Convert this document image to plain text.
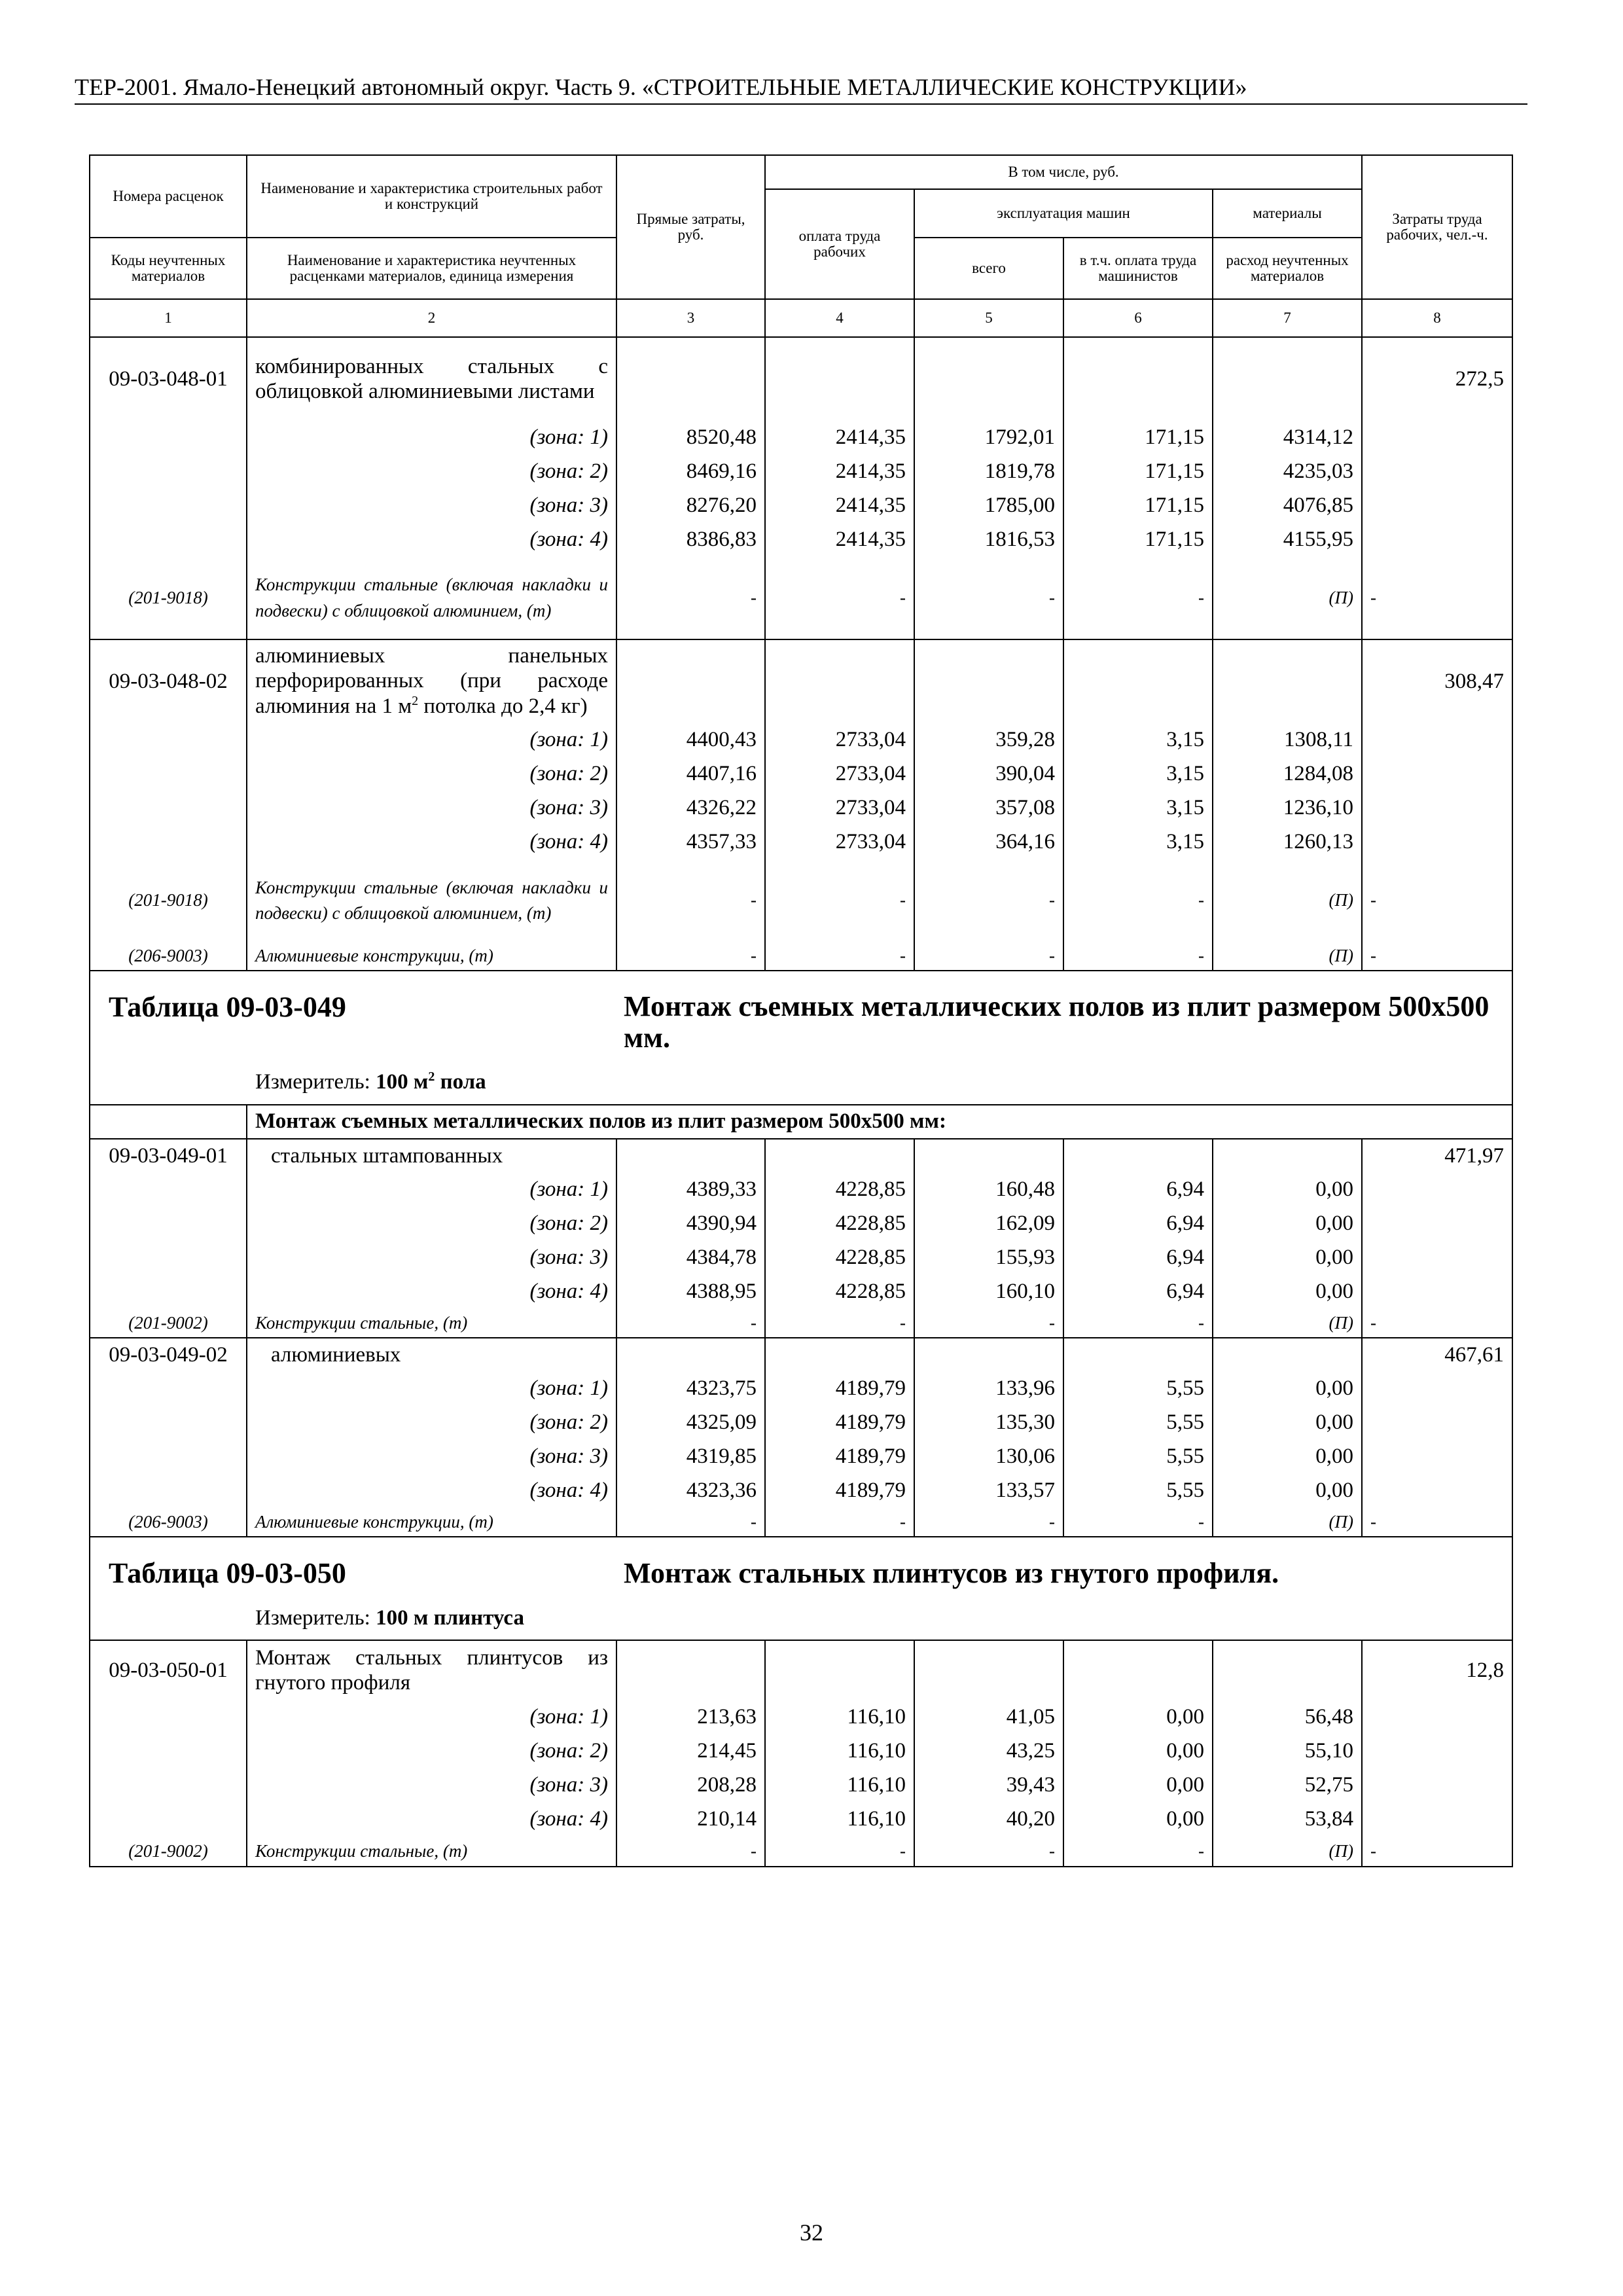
ТЕР-2001. Ямало-Ненецкий автономный округ. Часть 9. «СТРОИТЕЛЬНЫЕ МЕТАЛЛИЧЕСКИЕ КОНСТРУКЦИИ»
Номера расценок	Наименование и характеристика строительных работ и конструкций	Прямые затраты, руб.	В том числе, руб.				Затраты труда рабочих, чел.-ч.
			оплата труда рабочих	эксплуатация машин		материалы	
Коды неучтенных материалов	Наименование и характеристика неучтенных расценками материалов, единица измерения			всего	в т.ч. оплата труда машинистов	расход неучтенных материалов	
1	2	3	4	5	6	7	8
09-03-048-01	комбинированных стальных с облицовкой алюминиевыми листами						272,5
	(зона: 1)	8520,48	2414,35	1792,01	171,15	4314,12	
	(зона: 2)	8469,16	2414,35	1819,78	171,15	4235,03	
	(зона: 3)	8276,20	2414,35	1785,00	171,15	4076,85	
	(зона: 4)	8386,83	2414,35	1816,53	171,15	4155,95	
(201-9018)	Конструкции стальные (включая накладки и подвески) с облицовкой алюминием, (т)	-	-	-	-	(П)	-
09-03-048-02	алюминиевых панельных перфорированных (при расходе алюминия на 1 $м^2$ потолка до 2,4 кг)						308,47
	(зона: 1)	4400,43	2733,04	359,28	3,15	1308,11	
	(зона: 2)	4407,16	2733,04	390,04	3,15	1284,08	
	(зона: 3)	4326,22	2733,04	357,08	3,15	1236,10	
	(зона: 4)	4357,33	2733,04	364,16	3,15	1260,13	
(201-9018)	Конструкции стальные (включая накладки и подвески) с облицовкой алюминием, (т)	-	-	-	-	(П)	-
(206-9003)	Алюминиевые конструкции, (т)	-	-	-	-	(П)	-

Таблица 09-03-049 Монтаж съемных металлических полов из плит размером 500х500 мм.
Измеритель: 100 $м^2$ пола							

	Монтаж съемных металлических полов из плит размером 500х500 мм:						
09-03-049-01	стальных штампованных						471,97
	(зона: 1)	4389,33	4228,85	160,48	6,94	0,00	
	(зона: 2)	4390,94	4228,85	162,09	6,94	0,00	
	(зона: 3)	4384,78	4228,85	155,93	6,94	0,00	
	(зона: 4)	4388,95	4228,85	160,10	6,94	0,00	
(201-9002)	Конструкции стальные, (т)	-	-	-	-	(П)	-
09-03-049-02	алюминиевых						467,61
	(зона: 1)	4323,75	4189,79	133,96	5,55	0,00	
	(зона: 2)	4325,09	4189,79	135,30	5,55	0,00	
	(зона: 3)	4319,85	4189,79	130,06	5,55	0,00	
	(зона: 4)	4323,36	4189,79	133,57	5,55	0,00	
(206-9003)	Алюминиевые конструкции, (т)	-	-	-	-	(П)	-

Таблица 09-03-050 Монтаж стальных плинтусов из гнутого профиля.
Измеритель: 100 м плинтуса							

09-03-050-01	Монтаж стальных плинтусов из гнутого профиля						12,8
	(зона: 1)	213,63	116,10	41,05	0,00	56,48	
	(зона: 2)	214,45	116,10	43,25	0,00	55,10	
	(зона: 3)	208,28	116,10	39,43	0,00	52,75	
	(зона: 4)	210,14	116,10	40,20	0,00	53,84	
(201-9002)	Конструкции стальные, (т)	-	-	-	-	(П)	-
32
